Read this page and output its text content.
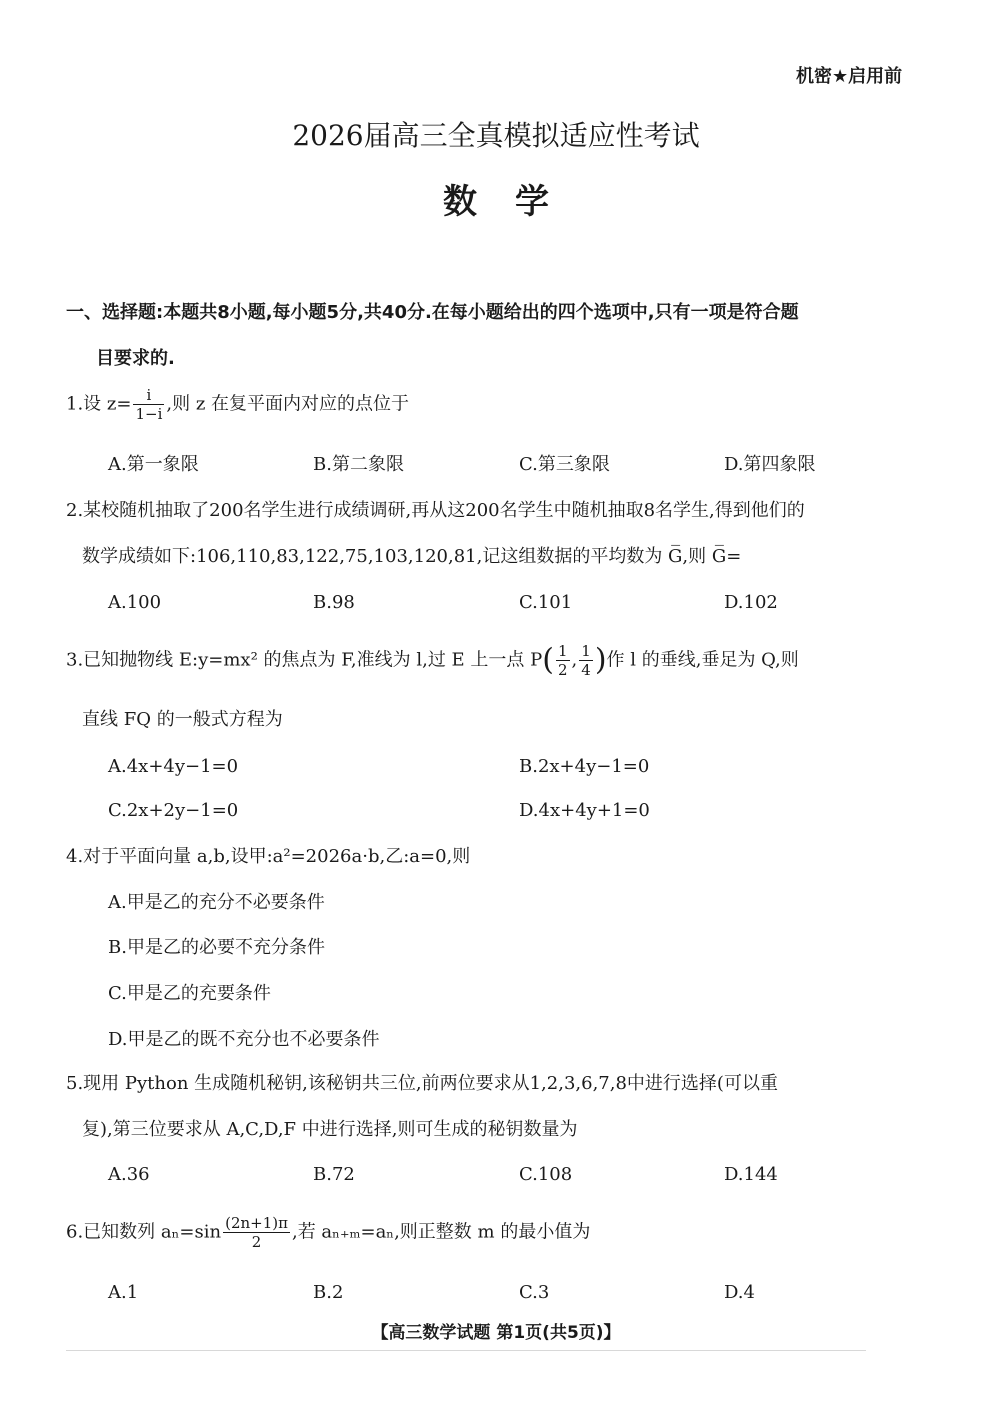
机密★启用前
2026届高三全真模拟适应性考试
数学
一、选择题:本题共8小题,每小题5分,共40分.在每小题给出的四个选项中,只有一项是符合题
目要求的.
1.设 $z= \frac{i}{1-i}$ ,则 z 在复平面内对应的点位于
A.第一象限	B.第二象限	C.第三象限	D.第四象限
2.某校随机抽取了200名学生进行成绩调研,再从这200名学生中随机抽取8名学生,得到他们的
数学成绩如下:106,110,83,122,75,103,120,81,记这组数据的平均数为 G̅,则 G̅=
A.100	B.98	C.101	D.102
3.已知抛物线 E:y=mx² 的焦点为 F,准线为 l,过 E 上一点 $P( \frac{1}{2}$ , $\frac{1}{4}$ )作 l 的垂线,垂足为 Q,则
直线 FQ 的一般式方程为
A.4x+4y−1=0	B.2x+4y−1=0
C.2x+2y−1=0	D.4x+4y+1=0
4.对于平面向量 a,b,设甲:a²=2026a·b,乙:a=0,则
A.甲是乙的充分不必要条件
B.甲是乙的必要不充分条件
C.甲是乙的充要条件
D.甲是乙的既不充分也不必要条件
5.现用 Python 生成随机秘钥,该秘钥共三位,前两位要求从1,2,3,6,7,8中进行选择(可以重
复),第三位要求从 A,C,D,F 中进行选择,则可生成的秘钥数量为
A.36	B.72	C.108	D.144
6.已知数列 $a_n=\sin \frac{(2n+1)\pi}{2}$ ,若 aₙ₊ₘ=aₙ,则正整数 m 的最小值为
A.1	B.2	C.3	D.4
【高三数学试题 第1页(共5页)】
